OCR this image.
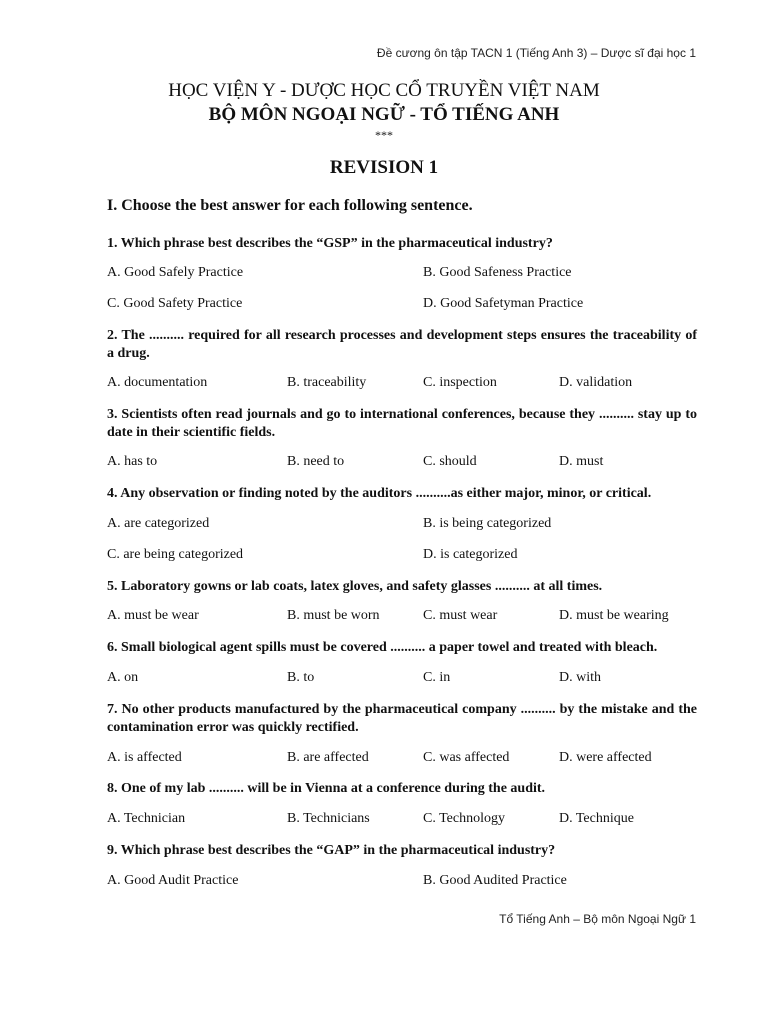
Đề cương ôn tập TACN 1 (Tiếng Anh 3) – Dược sĩ đại học 1
HỌC VIỆN Y - DƯỢC HỌC CỔ TRUYỀN VIỆT NAM
BỘ MÔN NGOẠI NGỮ - TỔ TIẾNG ANH
***
REVISION 1
I. Choose the best answer for each following sentence.
1. Which phrase best describes the “GSP” in the pharmaceutical industry?
A. Good Safely Practice	B. Good Safeness Practice
C. Good Safety Practice	D. Good Safetyman Practice
2. The .......... required for all research processes and development steps ensures the traceability of a drug.
A. documentation	B. traceability	C. inspection	D. validation
3. Scientists often read journals and go to international conferences, because they .......... stay up to date in their scientific fields.
A. has to	B. need to	C. should	D. must
4. Any observation or finding noted by the auditors ..........as either major, minor, or critical.
A. are categorized	B. is being categorized
C. are being categorized	D. is categorized
5. Laboratory gowns or lab coats, latex gloves, and safety glasses .......... at all times.
A. must be wear	B. must be worn	C. must wear	D. must be wearing
6. Small biological agent spills must be covered .......... a paper towel and treated with bleach.
A. on	B. to	C. in	D. with
7. No other products manufactured by the pharmaceutical company .......... by the mistake and the contamination error was quickly rectified.
A. is affected	B. are affected	C. was affected	D. were affected
8. One of my lab .......... will be in Vienna at a conference during the audit.
A. Technician	B. Technicians	C. Technology	D. Technique
9. Which phrase best describes the “GAP” in the pharmaceutical industry?
A. Good Audit Practice	B. Good Audited Practice
Tổ Tiếng Anh – Bộ môn Ngoại Ngữ 1
